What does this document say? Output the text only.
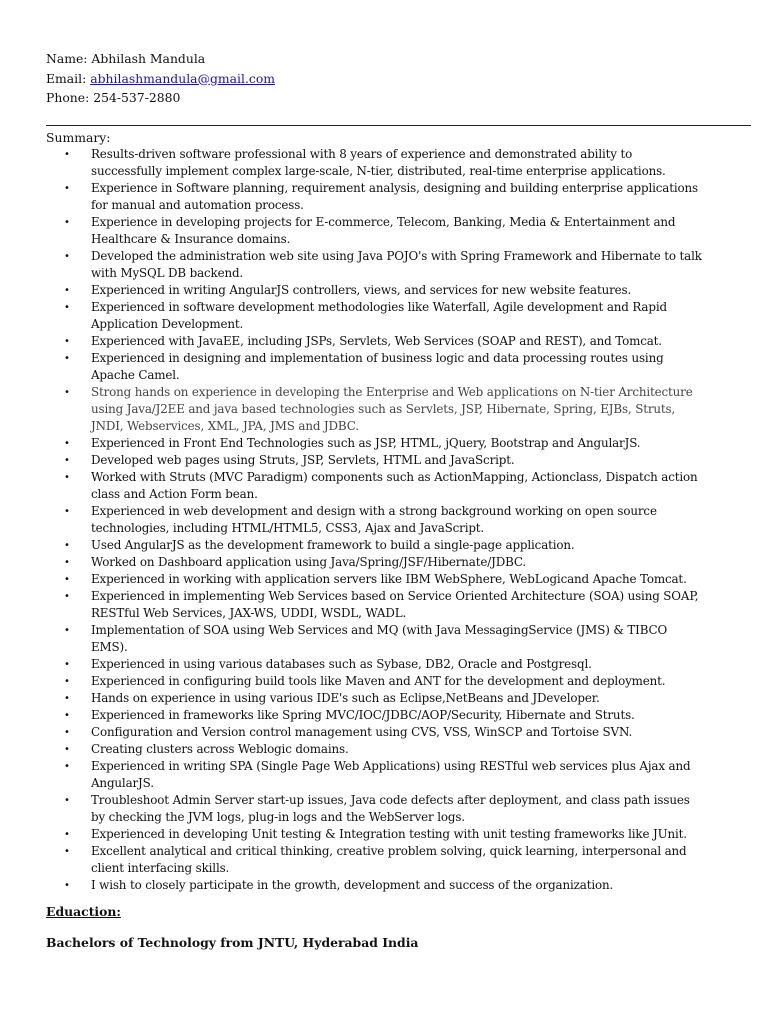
Name: Abhilash Mandula
Email: abhilashmandula@gmail.com
Phone: 254-537-2880
Summary:
• Results-driven software professional with 8 years of experience and demonstrated ability to successfully implement complex large-scale, N-tier, distributed, real-time enterprise applications.
• Experience in Software planning, requirement analysis, designing and building enterprise applications for manual and automation process.
• Experience in developing projects for E-commerce, Telecom, Banking, Media & Entertainment and Healthcare & Insurance domains.
• Developed the administration web site using Java POJO's with Spring Framework and Hibernate to talk with MySQL DB backend.
• Experienced in writing AngularJS controllers, views, and services for new website features.
• Experienced in software development methodologies like Waterfall, Agile development and Rapid Application Development.
• Experienced with JavaEE, including JSPs, Servlets, Web Services (SOAP and REST), and Tomcat.
• Experienced in designing and implementation of business logic and data processing routes using Apache Camel.
• Strong hands on experience in developing the Enterprise and Web applications on N-tier Architecture using Java/J2EE and java based technologies such as Servlets, JSP, Hibernate, Spring, EJBs, Struts, JNDI, Webservices, XML, JPA, JMS and JDBC.
• Experienced in Front End Technologies such as JSP, HTML, jQuery, Bootstrap and AngularJS.
• Developed web pages using Struts, JSP, Servlets, HTML and JavaScript.
• Worked with Struts (MVC Paradigm) components such as ActionMapping, Actionclass, Dispatch action class and Action Form bean.
• Experienced in web development and design with a strong background working on open source technologies, including HTML/HTML5, CSS3, Ajax and JavaScript.
• Used AngularJS as the development framework to build a single-page application.
• Worked on Dashboard application using Java/Spring/JSF/Hibernate/JDBC.
• Experienced in working with application servers like IBM WebSphere, WebLogicand Apache Tomcat.
• Experienced in implementing Web Services based on Service Oriented Architecture (SOA) using SOAP, RESTful Web Services, JAX-WS, UDDI, WSDL, WADL.
• Implementation of SOA using Web Services and MQ (with Java MessagingService (JMS) & TIBCO EMS).
• Experienced in using various databases such as Sybase, DB2, Oracle and Postgresql.
• Experienced in configuring build tools like Maven and ANT for the development and deployment.
• Hands on experience in using various IDE's such as Eclipse,NetBeans and JDeveloper.
• Experienced in frameworks like Spring MVC/IOC/JDBC/AOP/Security, Hibernate and Struts.
• Configuration and Version control management using CVS, VSS, WinSCP and Tortoise SVN.
• Creating clusters across Weblogic domains.
• Experienced in writing SPA (Single Page Web Applications) using RESTful web services plus Ajax and AngularJS.
• Troubleshoot Admin Server start-up issues, Java code defects after deployment, and class path issues by checking the JVM logs, plug-in logs and the WebServer logs.
• Experienced in developing Unit testing & Integration testing with unit testing frameworks like JUnit.
• Excellent analytical and critical thinking, creative problem solving, quick learning, interpersonal and client interfacing skills.
• I wish to closely participate in the growth, development and success of the organization.
Eduaction:
Bachelors of Technology from JNTU, Hyderabad India
